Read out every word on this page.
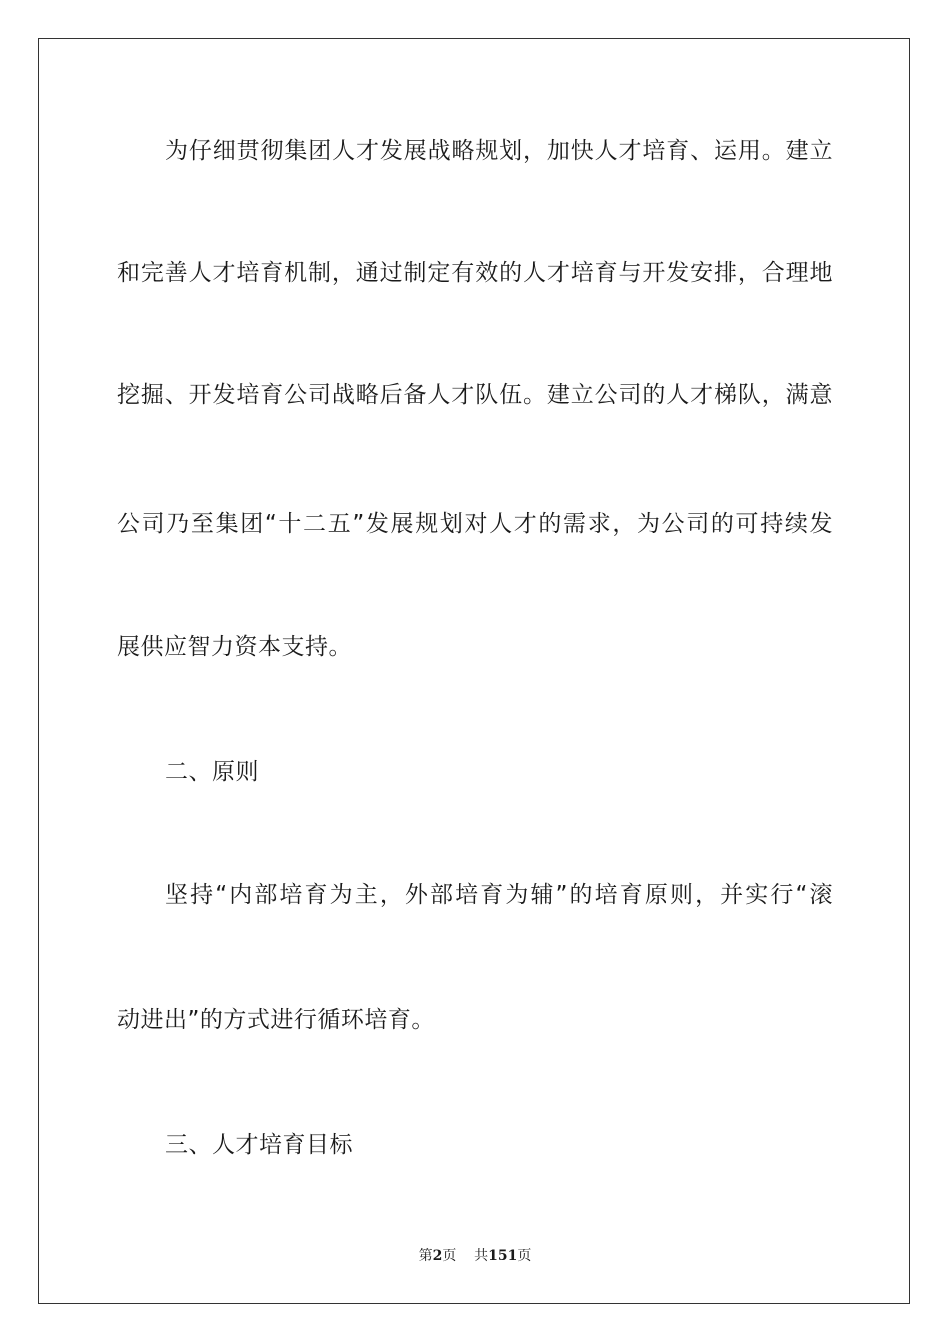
为仔细贯彻集团人才发展战略规划，加快人才培育、运用。建立
和完善人才培育机制，通过制定有效的人才培育与开发安排，合理地
挖掘、开发培育公司战略后备人才队伍。建立公司的人才梯队，满意
公司乃至集团“十二五”发展规划对人才的需求，为公司的可持续发
展供应智力资本支持。
二、原则
坚持“内部培育为主，外部培育为辅”的培育原则，并实行“滚
动进出”的方式进行循环培育。
三、人才培育目标
第2页 共151页
